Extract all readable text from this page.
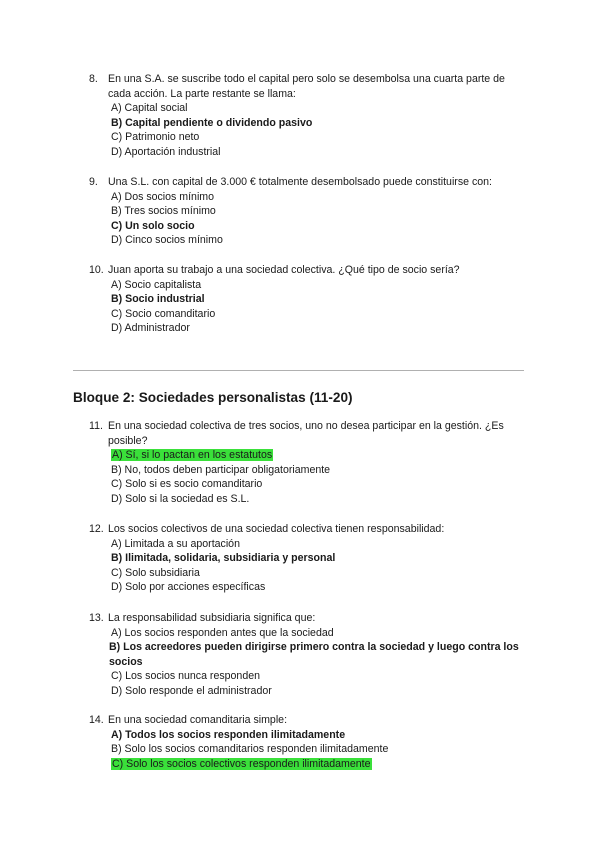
8. En una S.A. se suscribe todo el capital pero solo se desembolsa una cuarta parte de cada acción. La parte restante se llama:
A) Capital social
B) Capital pendiente o dividendo pasivo
C) Patrimonio neto
D) Aportación industrial
9. Una S.L. con capital de 3.000 € totalmente desembolsado puede constituirse con:
A) Dos socios mínimo
B) Tres socios mínimo
C) Un solo socio
D) Cinco socios mínimo
10. Juan aporta su trabajo a una sociedad colectiva. ¿Qué tipo de socio sería?
A) Socio capitalista
B) Socio industrial
C) Socio comanditario
D) Administrador
Bloque 2: Sociedades personalistas (11-20)
11. En una sociedad colectiva de tres socios, uno no desea participar en la gestión. ¿Es posible?
A) Sí, si lo pactan en los estatutos
B) No, todos deben participar obligatoriamente
C) Solo si es socio comanditario
D) Solo si la sociedad es S.L.
12. Los socios colectivos de una sociedad colectiva tienen responsabilidad:
A) Limitada a su aportación
B) Ilimitada, solidaria, subsidiaria y personal
C) Solo subsidiaria
D) Solo por acciones específicas
13. La responsabilidad subsidiaria significa que:
A) Los socios responden antes que la sociedad
B) Los acreedores pueden dirigirse primero contra la sociedad y luego contra los socios
C) Los socios nunca responden
D) Solo responde el administrador
14. En una sociedad comanditaria simple:
A) Todos los socios responden ilimitadamente
B) Solo los socios comanditarios responden ilimitadamente
C) Solo los socios colectivos responden ilimitadamente
